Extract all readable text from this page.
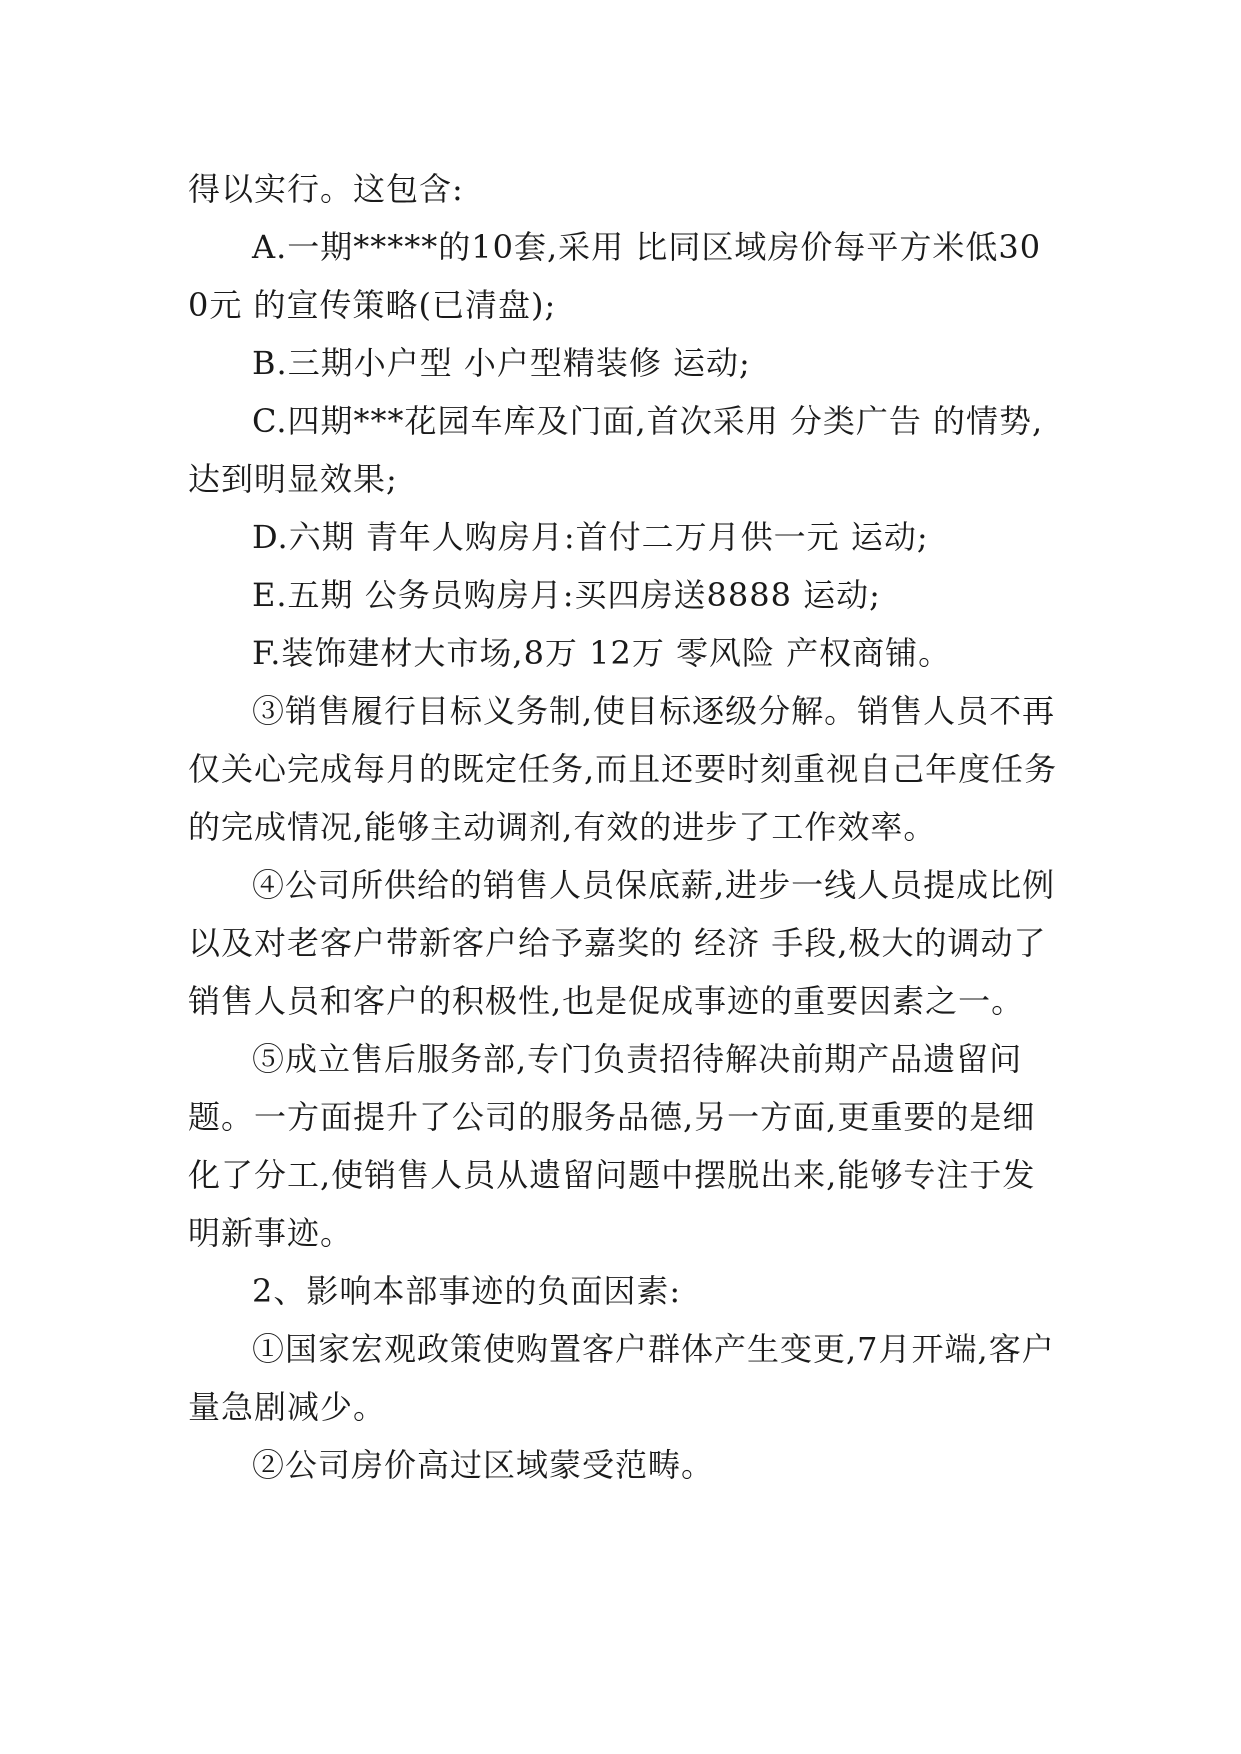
得以实行。这包含:

A.一期*****的10套,采用 比同区域房价每平方米低300元 的宣传策略(已清盘);

B.三期小户型 小户型精装修 运动;

C.四期***花园车库及门面,首次采用 分类广告 的情势,达到明显效果;

D.六期 青年人购房月:首付二万月供一元 运动;

E.五期 公务员购房月:买四房送8888 运动;

F.装饰建材大市场,8万 12万 零风险 产权商铺。

③销售履行目标义务制,使目标逐级分解。销售人员不再仅关心完成每月的既定任务,而且还要时刻重视自己年度任务的完成情况,能够主动调剂,有效的进步了工作效率。

④公司所供给的销售人员保底薪,进步一线人员提成比例以及对老客户带新客户给予嘉奖的 经济 手段,极大的调动了销售人员和客户的积极性,也是促成事迹的重要因素之一。

⑤成立售后服务部,专门负责招待解决前期产品遗留问题。一方面提升了公司的服务品德,另一方面,更重要的是细化了分工,使销售人员从遗留问题中摆脱出来,能够专注于发明新事迹。

2、影响本部事迹的负面因素:

①国家宏观政策使购置客户群体产生变更,7月开端,客户量急剧减少。

②公司房价高过区域蒙受范畴。
